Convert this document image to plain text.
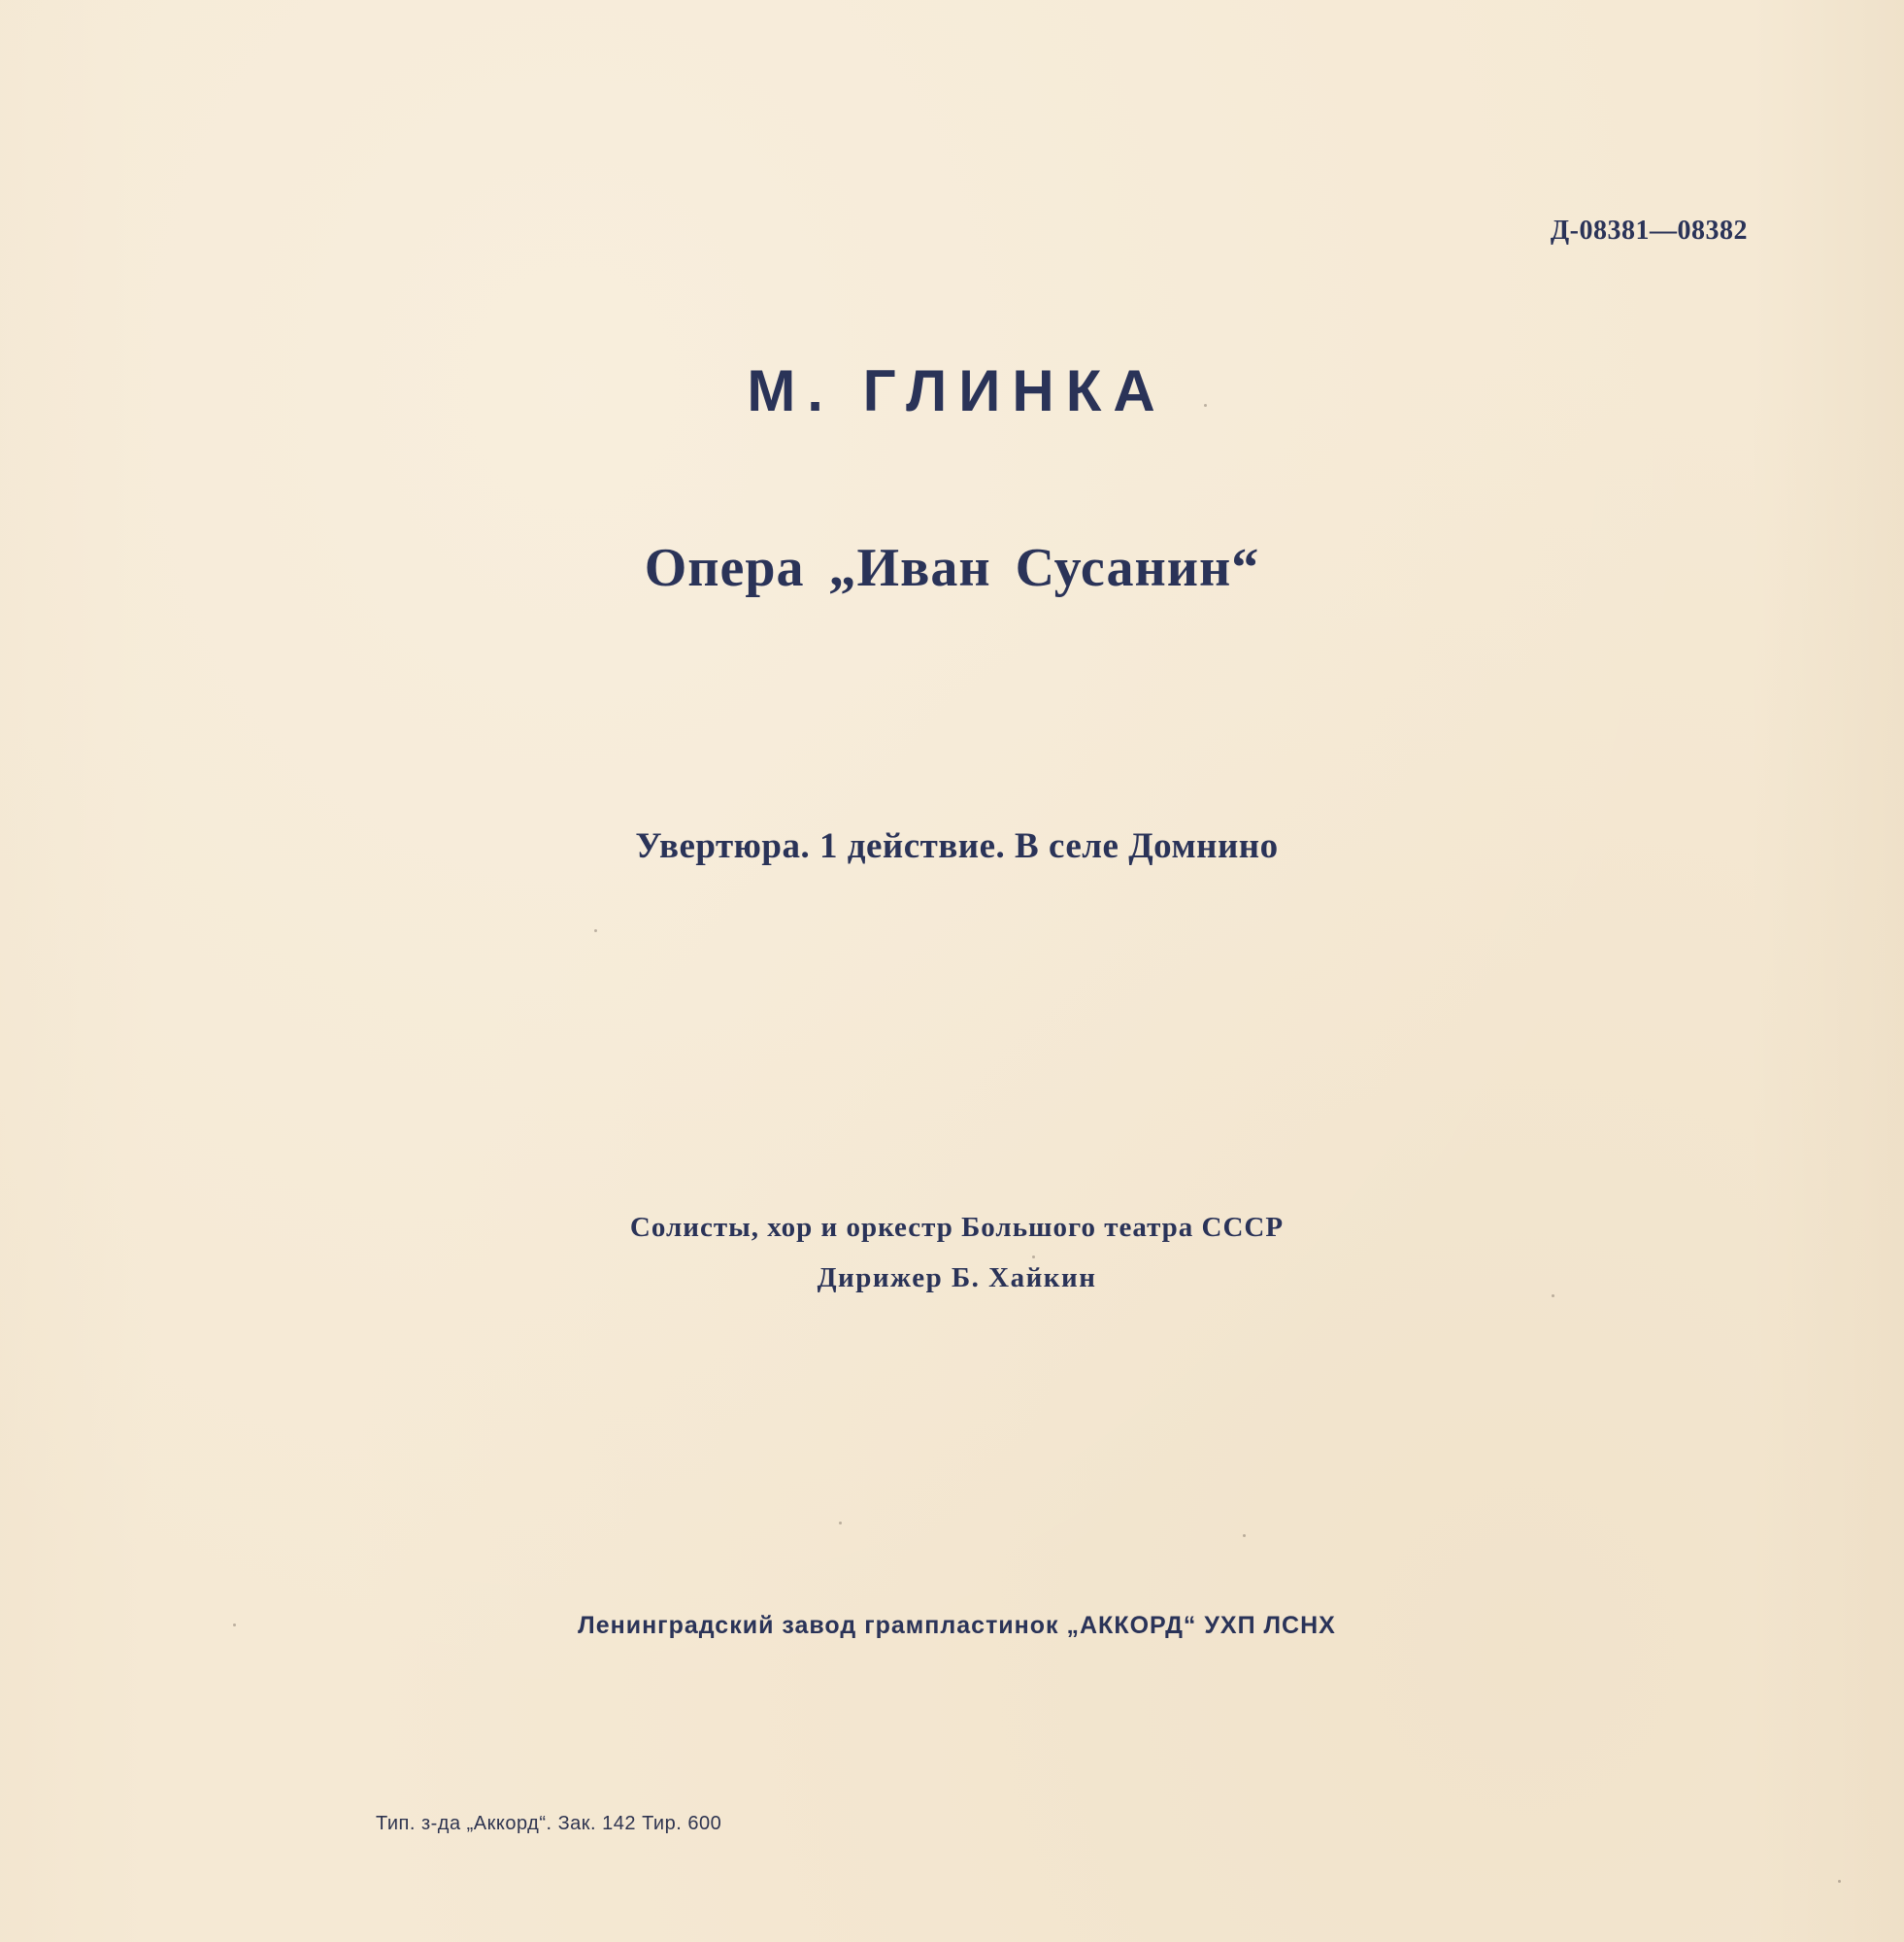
Д-08381—08382
М. ГЛИНКА
Опера „Иван Сусанин“
Увертюра. 1 действие. В селе Домнино
Солисты, хор и оркестр Большого театра СССР
Дирижер Б. Хайкин
Ленинградский завод грампластинок „АККОРД“ УХП ЛСНХ
Тип. з-да „Аккорд“. Зак. 142 Тир. 600
